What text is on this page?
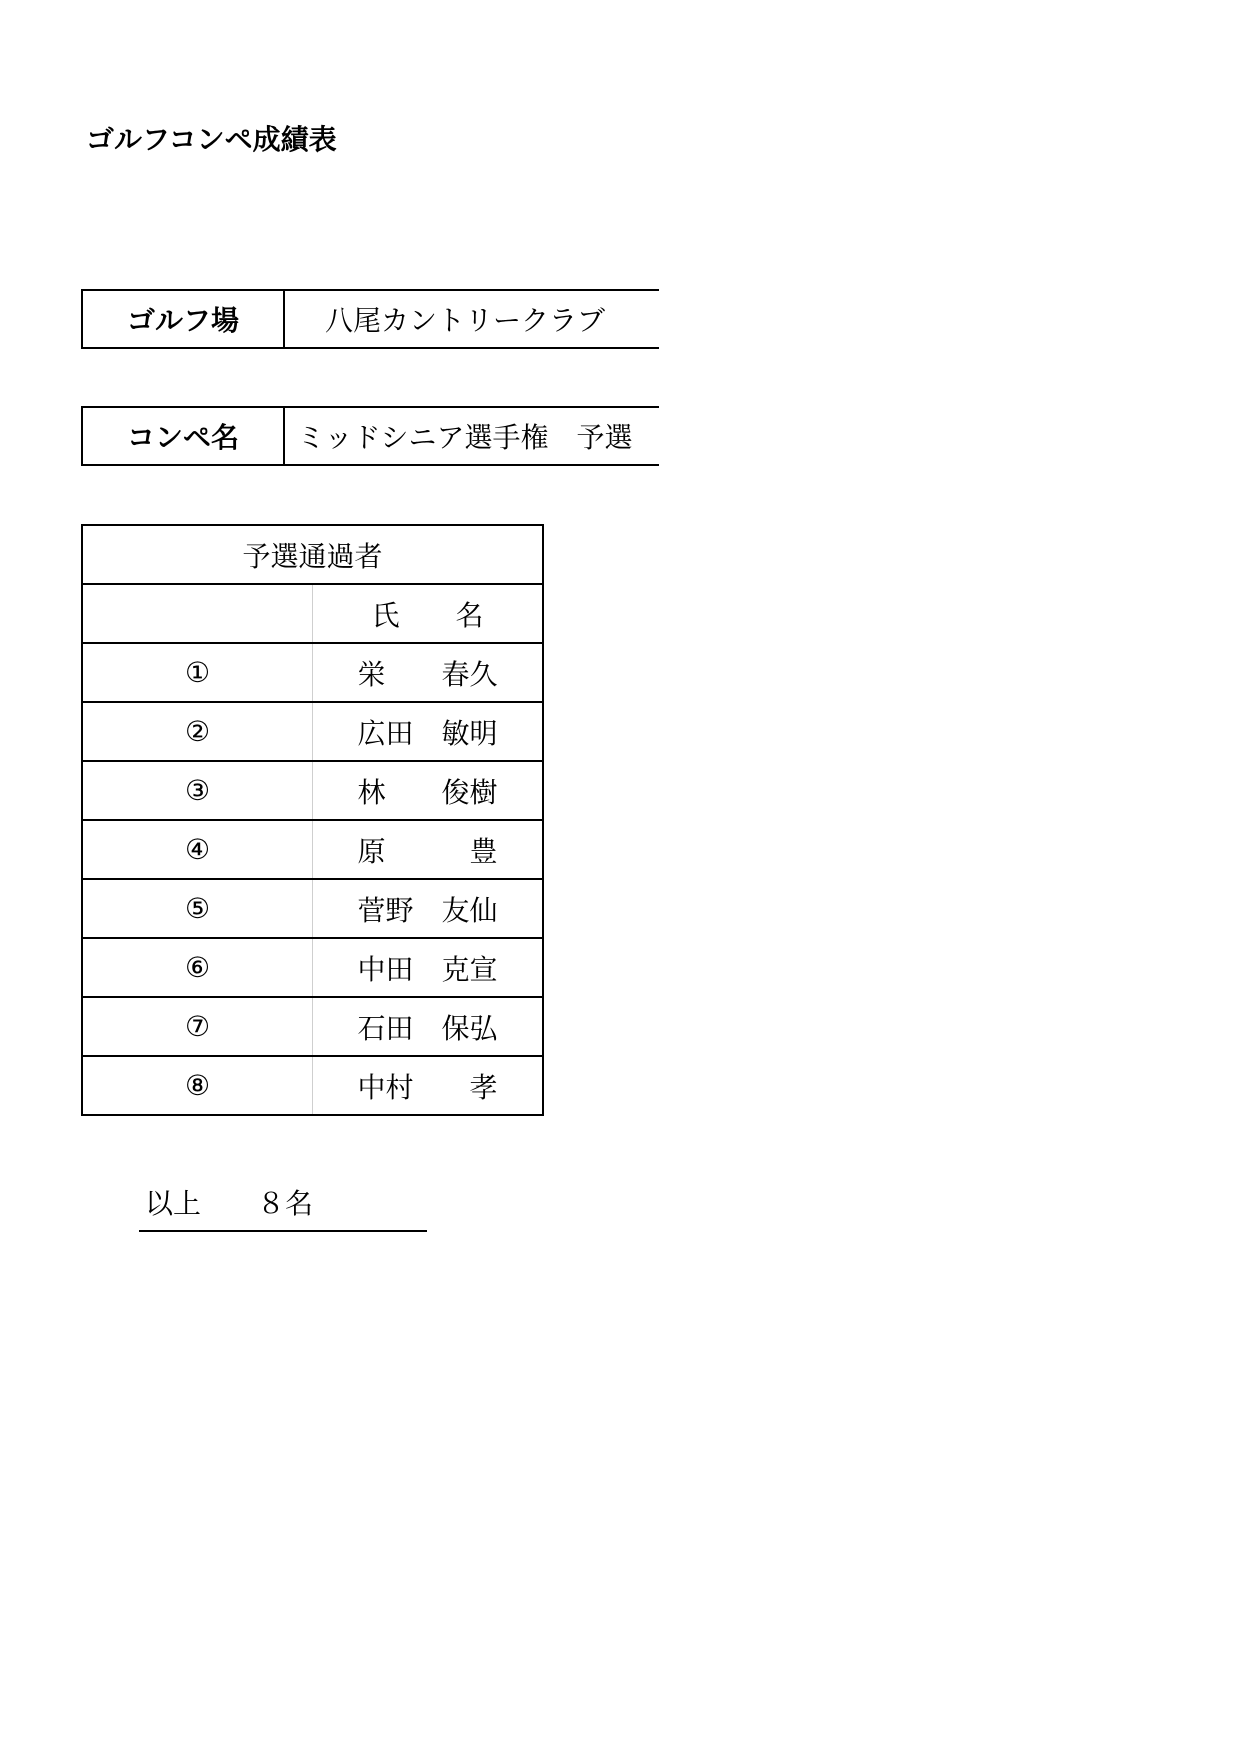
ゴルフコンペ成績表
ゴルフ場	八尾カントリークラブ
コンペ名	ミッドシニア選手権　予選
予選通過者	
	氏　　名
①	栄　　春久
②	広田　敏明
③	林　　俊樹
④	原　　　豊
⑤	菅野　友仙
⑥	中田　克宣
⑦	石田　保弘
⑧	中村　　孝
以上　　８名
